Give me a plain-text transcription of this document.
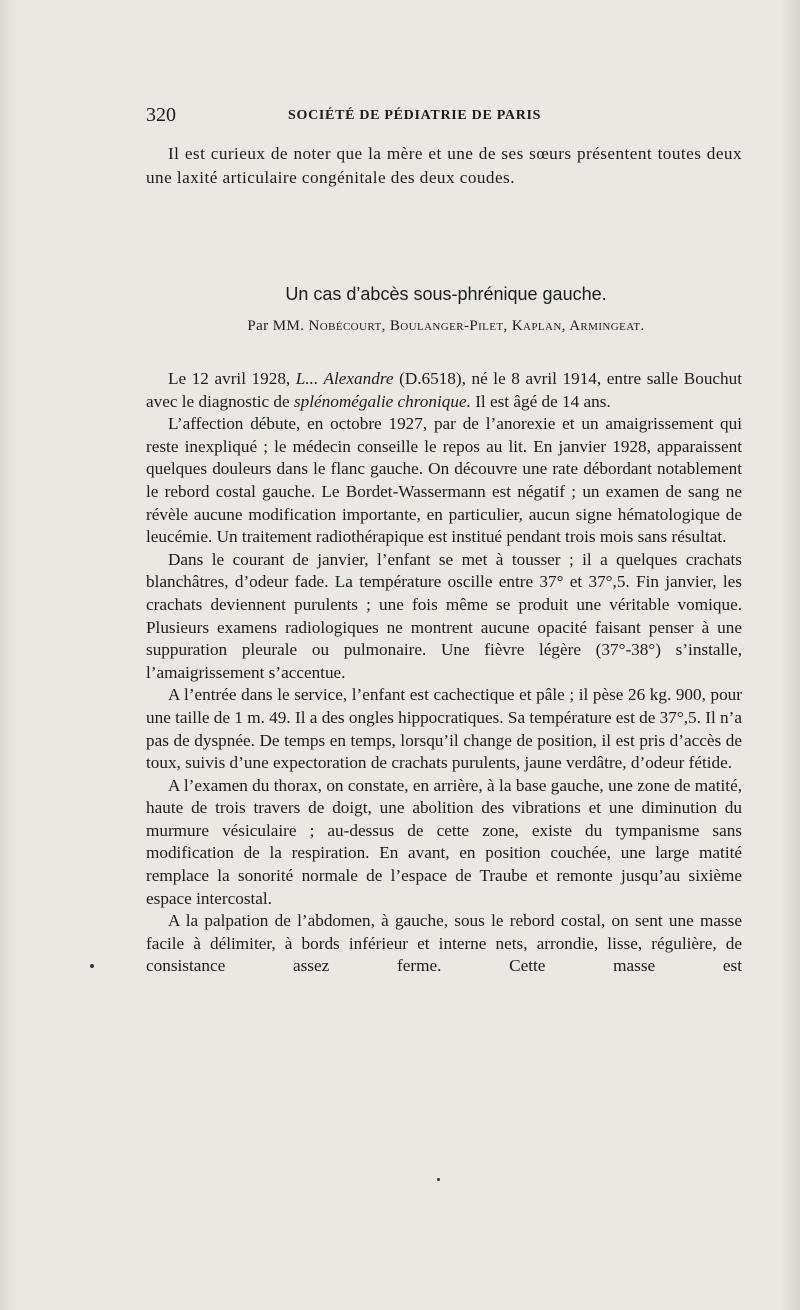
320	SOCIÉTÉ DE PÉDIATRIE DE PARIS

Il est curieux de noter que la mère et une de ses sœurs présentent toutes deux une laxité articulaire congénitale des deux coudes.

Un cas d’abcès sous-phrénique gauche.
Par MM. Nobécourt, Boulanger-Pilet, Kaplan, Armingeat.

Le 12 avril 1928, L... Alexandre (D.6518), né le 8 avril 1914, entre salle Bouchut avec le diagnostic de splénomégalie chronique. Il est âgé de 14 ans.

L’affection débute, en octobre 1927, par de l’anorexie et un amaigrissement qui reste inexpliqué ; le médecin conseille le repos au lit. En janvier 1928, apparaissent quelques douleurs dans le flanc gauche. On découvre une rate débordant notablement le rebord costal gauche. Le Bordet-Wassermann est négatif ; un examen de sang ne révèle aucune modification importante, en particulier, aucun signe hématologique de leucémie. Un traitement radiothérapique est institué pendant trois mois sans résultat.

Dans le courant de janvier, l’enfant se met à tousser ; il a quelques crachats blanchâtres, d’odeur fade. La température oscille entre 37° et 37°,5. Fin janvier, les crachats deviennent purulents ; une fois même se produit une véritable vomique. Plusieurs examens radiologiques ne montrent aucune opacité faisant penser à une suppuration pleurale ou pulmonaire. Une fièvre légère (37°-38°) s’installe, l’amaigrissement s’accentue.

A l’entrée dans le service, l’enfant est cachectique et pâle ; il pèse 26 kg. 900, pour une taille de 1 m. 49. Il a des ongles hippocratiques. Sa température est de 37°,5. Il n’a pas de dyspnée. De temps en temps, lorsqu’il change de position, il est pris d’accès de toux, suivis d’une expectoration de crachats purulents, jaune verdâtre, d’odeur fétide.

A l’examen du thorax, on constate, en arrière, à la base gauche, une zone de matité, haute de trois travers de doigt, une abolition des vibrations et une diminution du murmure vésiculaire ; au-dessus de cette zone, existe du tympanisme sans modification de la respiration. En avant, en position couchée, une large matité remplace la sonorité normale de l’espace de Traube et remonte jusqu’au sixième espace intercostal.

A la palpation de l’abdomen, à gauche, sous le rebord costal, on sent une masse facile à délimiter, à bords inférieur et interne nets, arrondie, lisse, régulière, de consistance assez ferme. Cette masse est
